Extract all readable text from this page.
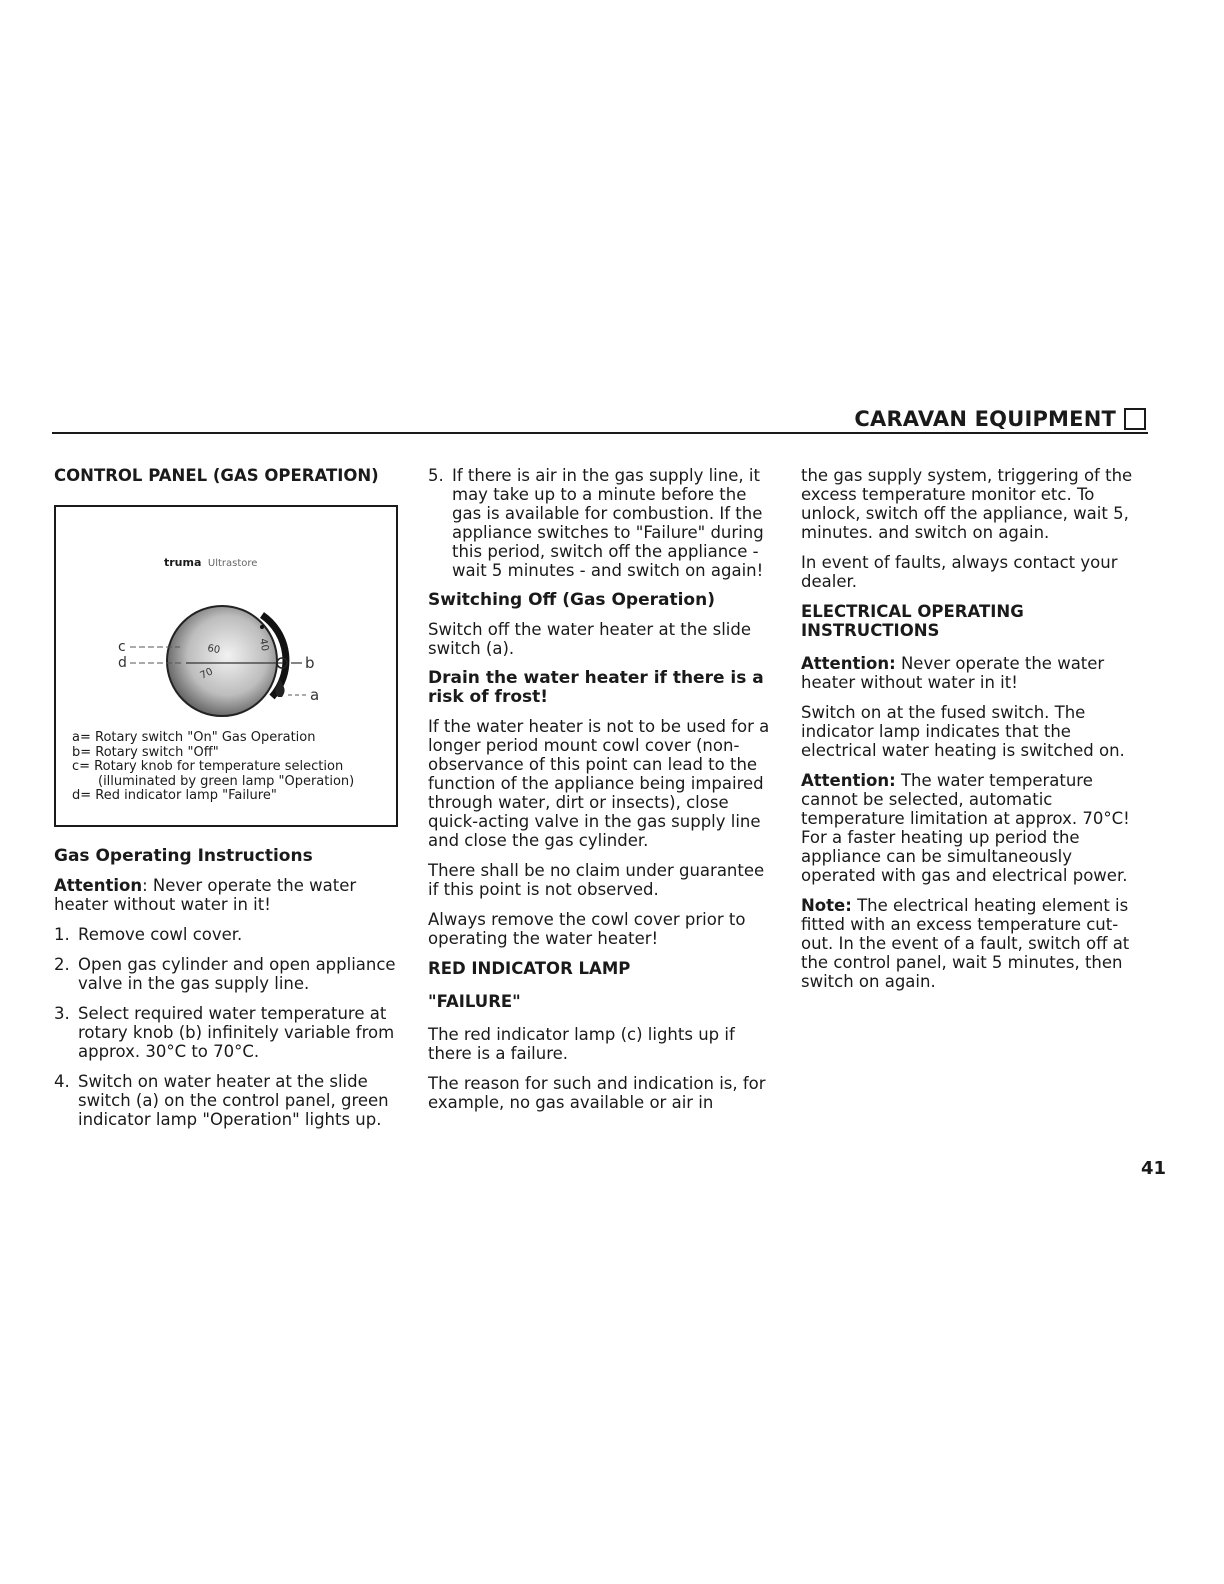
CARAVAN EQUIPMENT
CONTROL PANEL (GAS OPERATION)
truma Ultrastore
60
70
40
c
d	b
a
a= Rotary switch "On" Gas Operation
b= Rotary switch "Off"
c= Rotary knob for temperature selection
(illuminated by green lamp "Operation)
d= Red indicator lamp "Failure"
Gas Operating Instructions

Attention: Never operate the water heater without water in it!

1. Remove cowl cover.
2. Open gas cylinder and open appliance valve in the gas supply line.
3. Select required water temperature at rotary knob (b) infinitely variable from approx. 30°C to 70°C.
4. Switch on water heater at the slide switch (a) on the control panel, green indicator lamp "Operation" lights up.
5. If there is air in the gas supply line, it may take up to a minute before the gas is available for combustion. If the appliance switches to "Failure" during this period, switch off the appliance - wait 5 minutes - and switch on again!
Switching Off (Gas Operation)

Switch off the water heater at the slide switch (a).

Drain the water heater if there is a risk of frost!

If the water heater is not to be used for a longer period mount cowl cover (non-observance of this point can lead to the function of the appliance being impaired through water, dirt or insects), close quick-acting valve in the gas supply line and close the gas cylinder.

There shall be no claim under guarantee if this point is not observed.

Always remove the cowl cover prior to operating the water heater!

RED INDICATOR LAMP
"FAILURE"

The red indicator lamp (c) lights up if there is a failure.

The reason for such and indication is, for example, no gas available or air in

the gas supply system, triggering of the excess temperature monitor etc. To unlock, switch off the appliance, wait 5, minutes. and switch on again.

In event of faults, always contact your dealer.

ELECTRICAL OPERATING INSTRUCTIONS

Attention: Never operate the water heater without water in it!

Switch on at the fused switch. The indicator lamp indicates that the electrical water heating is switched on.

Attention: The water temperature cannot be selected, automatic temperature limitation at approx. 70°C! For a faster heating up period the appliance can be simultaneously operated with gas and electrical power.

Note: The electrical heating element is fitted with an excess temperature cut-out. In the event of a fault, switch off at the control panel, wait 5 minutes, then switch on again.

41
